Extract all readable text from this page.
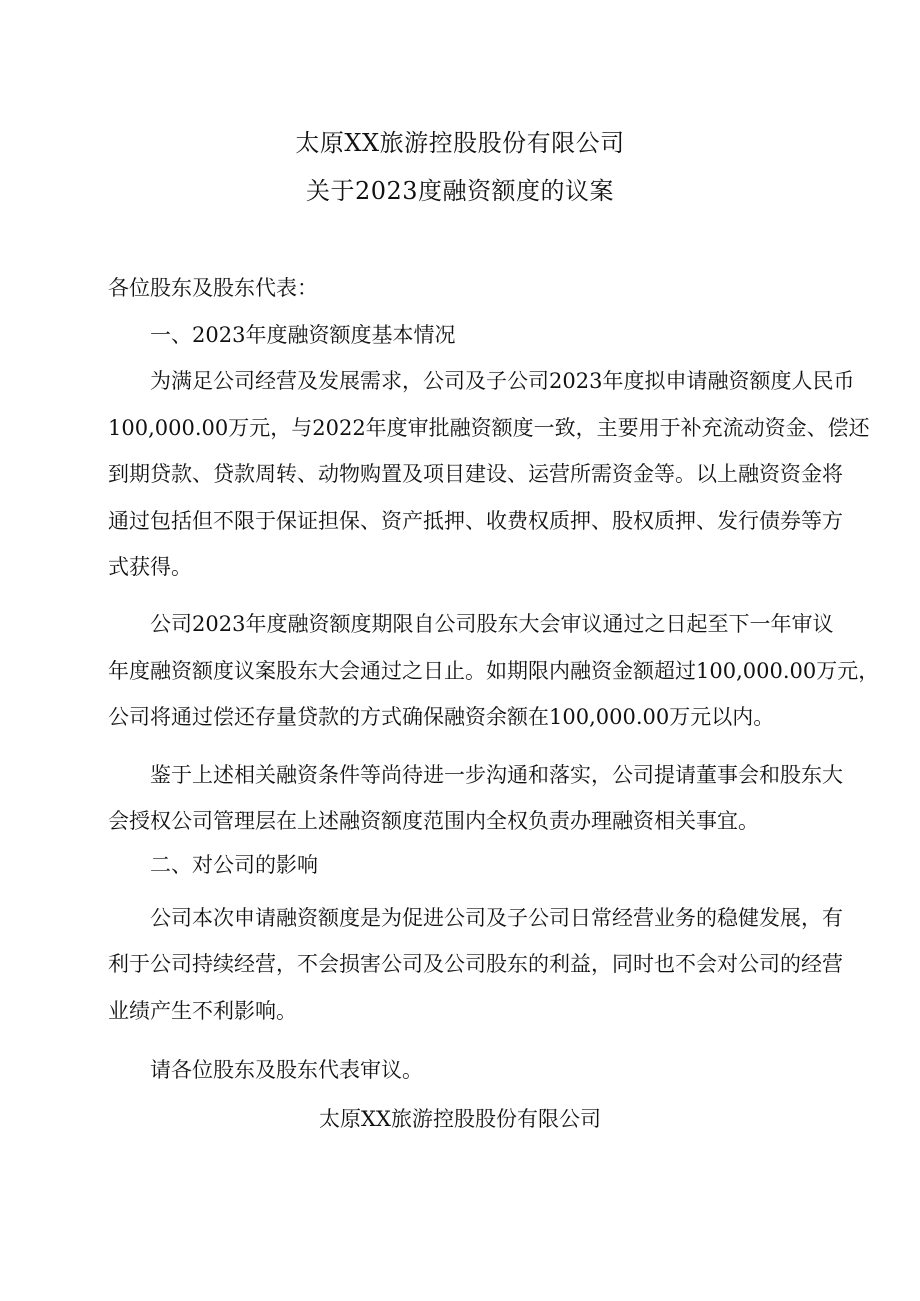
太原XX旅游控股股份有限公司
关于2023度融资额度的议案
各位股东及股东代表：
一、2023年度融资额度基本情况
为满足公司经营及发展需求，公司及子公司2023年度拟申请融资额度人民币
100,000.00万元，与2022年度审批融资额度一致，主要用于补充流动资金、偿还
到期贷款、贷款周转、动物购置及项目建设、运营所需资金等。以上融资资金将
通过包括但不限于保证担保、资产抵押、收费权质押、股权质押、发行债券等方
式获得。
公司2023年度融资额度期限自公司股东大会审议通过之日起至下一年审议
年度融资额度议案股东大会通过之日止。如期限内融资金额超过100,000.00万元，
公司将通过偿还存量贷款的方式确保融资余额在100,000.00万元以内。
鉴于上述相关融资条件等尚待进一步沟通和落实，公司提请董事会和股东大
会授权公司管理层在上述融资额度范围内全权负责办理融资相关事宜。
二、对公司的影响
公司本次申请融资额度是为促进公司及子公司日常经营业务的稳健发展，有
利于公司持续经营，不会损害公司及公司股东的利益，同时也不会对公司的经营
业绩产生不利影响。
请各位股东及股东代表审议。
太原XX旅游控股股份有限公司
